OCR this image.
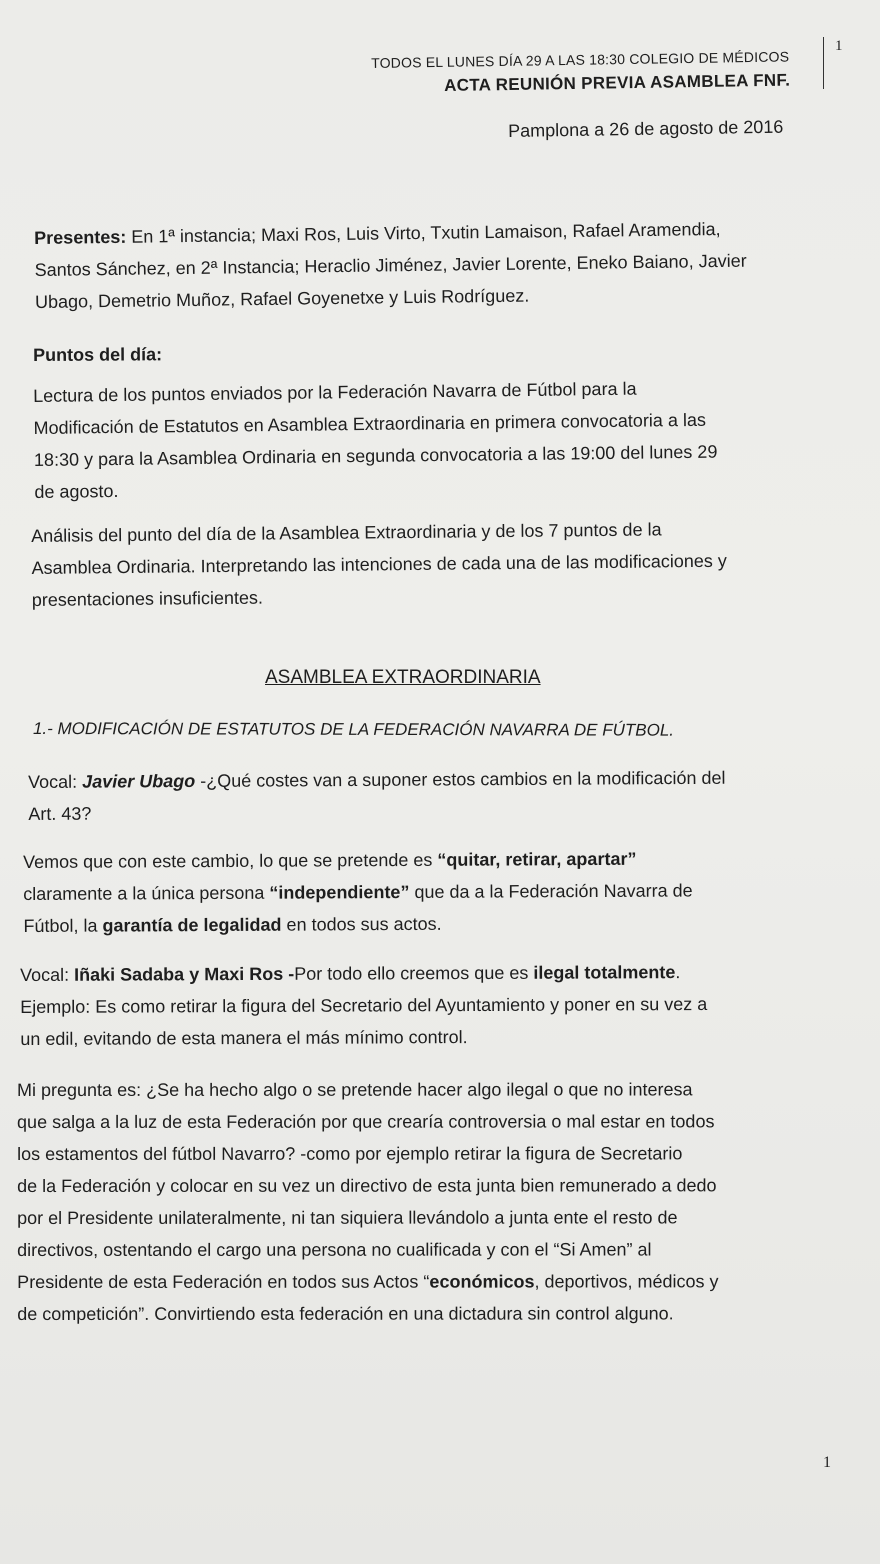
TODOS EL LUNES DÍA 29 A LAS 18:30 COLEGIO DE MÉDICOS
ACTA REUNIÓN PREVIA ASAMBLEA FNF.
1
Pamplona a 26 de agosto de 2016

Presentes: En 1ª instancia; Maxi Ros, Luis Virto, Txutin Lamaison, Rafael Aramendia,

Santos Sánchez, en 2ª Instancia; Heraclio Jiménez, Javier Lorente, Eneko Baiano, Javier

Ubago, Demetrio Muñoz, Rafael Goyenetxe y Luis Rodríguez.

Puntos del día:

Lectura de los puntos enviados por la Federación Navarra de Fútbol para la

Modificación de Estatutos en Asamblea Extraordinaria en primera convocatoria a las

18:30 y para la Asamblea Ordinaria en segunda convocatoria a las 19:00 del lunes 29

de agosto.

Análisis del punto del día de la Asamblea Extraordinaria y de los 7 puntos de la

Asamblea Ordinaria. Interpretando las intenciones de cada una de las modificaciones y

presentaciones insuficientes.

ASAMBLEA EXTRAORDINARIA
1.- MODIFICACIÓN DE ESTATUTOS DE LA FEDERACIÓN NAVARRA DE FÚTBOL.

Vocal: Javier Ubago -¿Qué costes van a suponer estos cambios en la modificación del

Art. 43?

Vemos que con este cambio, lo que se pretende es “quitar, retirar, apartar”

claramente a la única persona “independiente” que da a la Federación Navarra de

Fútbol, la garantía de legalidad en todos sus actos.

Vocal: Iñaki Sadaba y Maxi Ros -Por todo ello creemos que es ilegal totalmente.

Ejemplo: Es como retirar la figura del Secretario del Ayuntamiento y poner en su vez a

un edil, evitando de esta manera el más mínimo control.

Mi pregunta es: ¿Se ha hecho algo o se pretende hacer algo ilegal o que no interesa

que salga a la luz de esta Federación por que crearía controversia o mal estar en todos

los estamentos del fútbol Navarro? -como por ejemplo retirar la figura de Secretario

de la Federación y colocar en su vez un directivo de esta junta bien remunerado a dedo

por el Presidente unilateralmente, ni tan siquiera llevándolo a junta ente el resto de

directivos, ostentando el cargo una persona no cualificada y con el “Si Amen” al

Presidente de esta Federación en todos sus Actos “económicos, deportivos, médicos y

de competición”. Convirtiendo esta federación en una dictadura sin control alguno.

1
